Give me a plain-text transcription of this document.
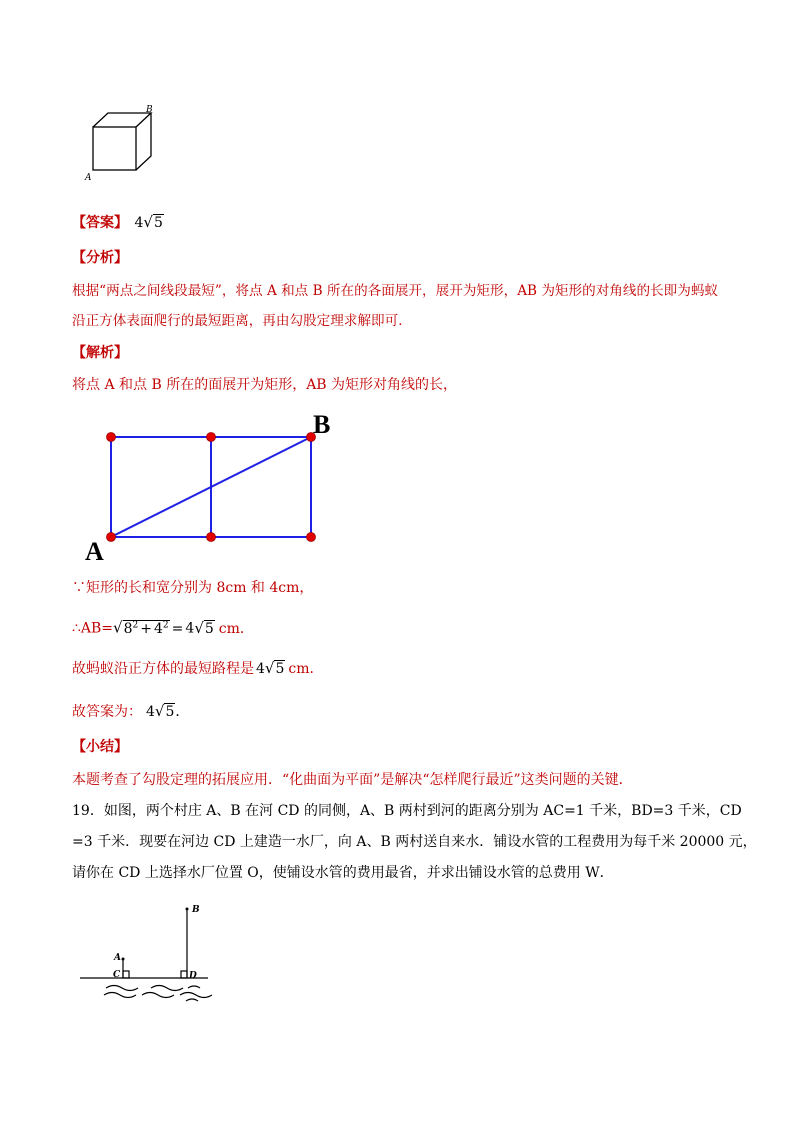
B
A
【答案】 4√5
【分析】
根据“两点之间线段最短”，将点 A 和点 B 所在的各面展开，展开为矩形，AB 为矩形的对角线的长即为蚂蚁
沿正方体表面爬行的最短距离，再由勾股定理求解即可．
【解析】
将点 A 和点 B 所在的面展开为矩形，AB 为矩形对角线的长，
B
A
∵矩形的长和宽分别为 8cm 和 4cm，
$\therefore AB=√8^2 + 4^2 = 4√5$ cm．
故蚂蚁沿正方体的最短路程是 4√5 cm．
故答案为： 4√5．
【小结】
本题考查了勾股定理的拓展应用．“化曲面为平面”是解决“怎样爬行最近”这类问题的关键．
19．如图，两个村庄 A、B 在河 CD 的同侧，A、B 两村到河的距离分别为 AC=1 千米，BD=3 千米，CD
=3 千米．现要在河边 CD 上建造一水厂，向 A、B 两村送自来水．铺设水管的工程费用为每千米 20000 元，
请你在 CD 上选择水厂位置 O，使铺设水管的费用最省，并求出铺设水管的总费用 W．
B
A
C	D
